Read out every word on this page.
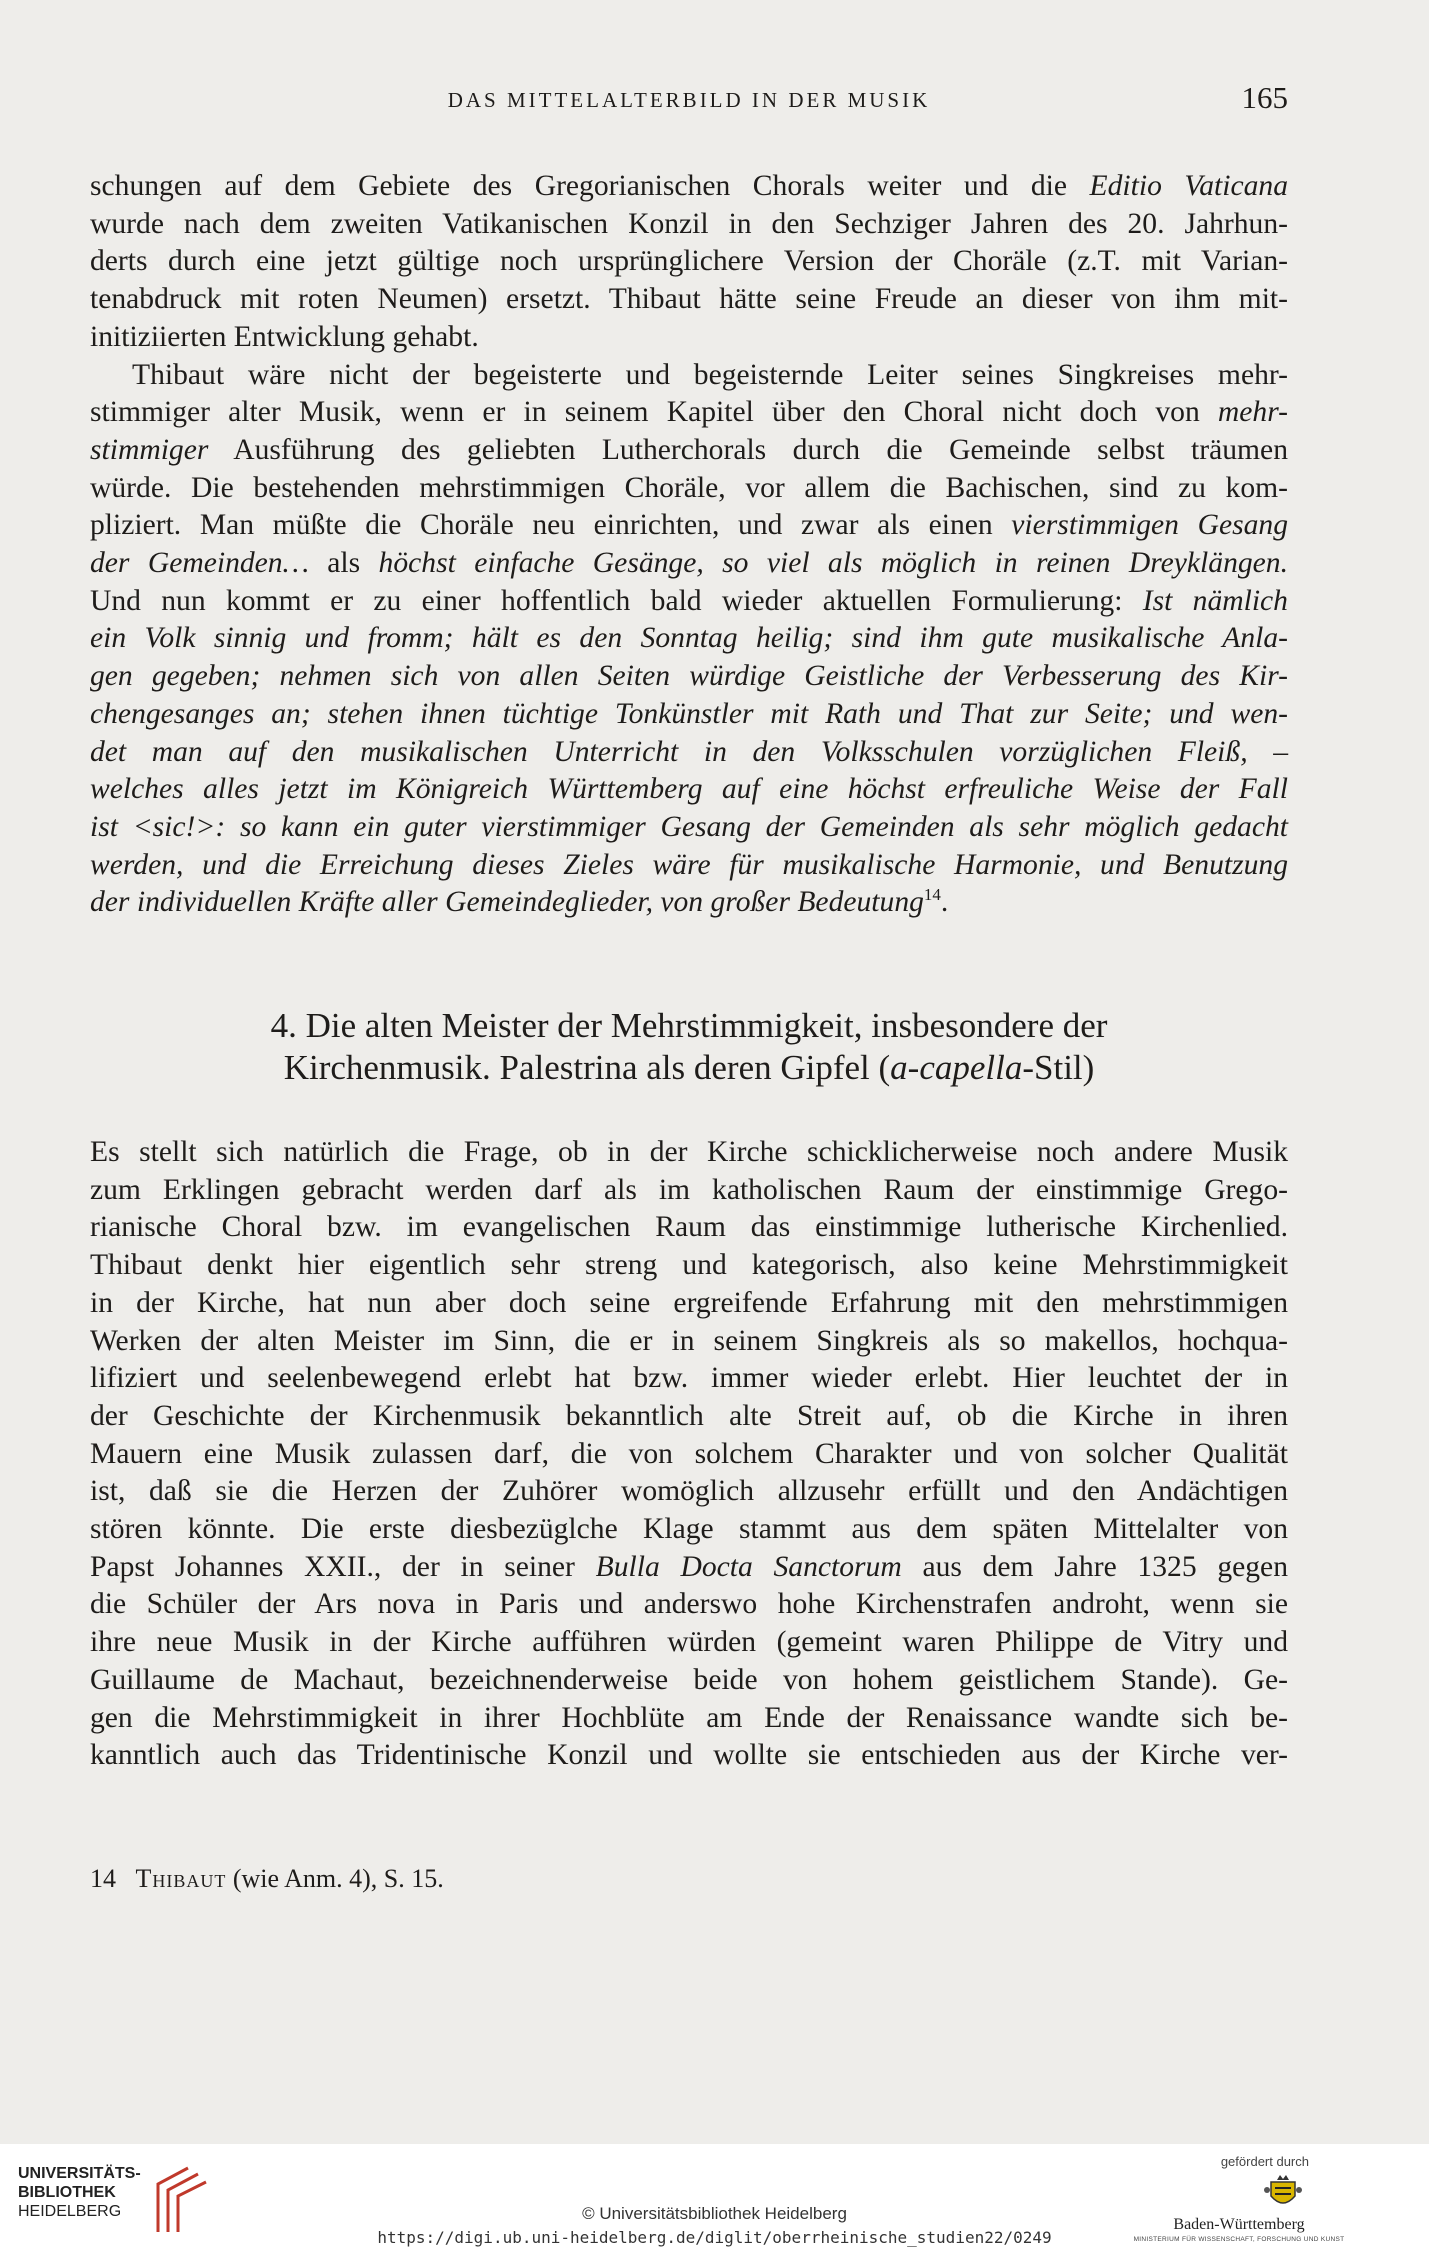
DAS MITTELALTERBILD IN DER MUSIK	165
schungen auf dem Gebiete des Gregorianischen Chorals weiter und die Editio Vaticana
wurde nach dem zweiten Vatikanischen Konzil in den Sechziger Jahren des 20. Jahrhun-
derts durch eine jetzt gültige noch ursprünglichere Version der Choräle (z.T. mit Varian-
tenabdruck mit roten Neumen) ersetzt. Thibaut hätte seine Freude an dieser von ihm mit-
initiziierten Entwicklung gehabt.
Thibaut wäre nicht der begeisterte und begeisternde Leiter seines Singkreises mehr-
stimmiger alter Musik, wenn er in seinem Kapitel über den Choral nicht doch von mehr-
stimmiger Ausführung des geliebten Lutherchorals durch die Gemeinde selbst träumen
würde. Die bestehenden mehrstimmigen Choräle, vor allem die Bachischen, sind zu kom-
pliziert. Man müßte die Choräle neu einrichten, und zwar als einen vierstimmigen Gesang
der Gemeinden… als höchst einfache Gesänge, so viel als möglich in reinen Dreyklängen.
Und nun kommt er zu einer hoffentlich bald wieder aktuellen Formulierung: Ist nämlich
ein Volk sinnig und fromm; hält es den Sonntag heilig; sind ihm gute musikalische Anla-
gen gegeben; nehmen sich von allen Seiten würdige Geistliche der Verbesserung des Kir-
chengesanges an; stehen ihnen tüchtige Tonkünstler mit Rath und That zur Seite; und wen-
det man auf den musikalischen Unterricht in den Volksschulen vorzüglichen Fleiß, –
welches alles jetzt im Königreich Württemberg auf eine höchst erfreuliche Weise der Fall
ist <sic!>: so kann ein guter vierstimmiger Gesang der Gemeinden als sehr möglich gedacht
werden, und die Erreichung dieses Zieles wäre für musikalische Harmonie, und Benutzung
der individuellen Kräfte aller Gemeindeglieder, von großer Bedeutung$^{14}$.
4. Die alten Meister der Mehrstimmigkeit, insbesondere der
Kirchenmusik. Palestrina als deren Gipfel (a-capella-Stil)
Es stellt sich natürlich die Frage, ob in der Kirche schicklicherweise noch andere Musik
zum Erklingen gebracht werden darf als im katholischen Raum der einstimmige Grego-
rianische Choral bzw. im evangelischen Raum das einstimmige lutherische Kirchenlied.
Thibaut denkt hier eigentlich sehr streng und kategorisch, also keine Mehrstimmigkeit
in der Kirche, hat nun aber doch seine ergreifende Erfahrung mit den mehrstimmigen
Werken der alten Meister im Sinn, die er in seinem Singkreis als so makellos, hochqua-
lifiziert und seelenbewegend erlebt hat bzw. immer wieder erlebt. Hier leuchtet der in
der Geschichte der Kirchenmusik bekanntlich alte Streit auf, ob die Kirche in ihren
Mauern eine Musik zulassen darf, die von solchem Charakter und von solcher Qualität
ist, daß sie die Herzen der Zuhörer womöglich allzusehr erfüllt und den Andächtigen
stören könnte. Die erste diesbezüglche Klage stammt aus dem späten Mittelalter von
Papst Johannes XXII., der in seiner Bulla Docta Sanctorum aus dem Jahre 1325 gegen
die Schüler der Ars nova in Paris und anderswo hohe Kirchenstrafen androht, wenn sie
ihre neue Musik in der Kirche aufführen würden (gemeint waren Philippe de Vitry und
Guillaume de Machaut, bezeichnenderweise beide von hohem geistlichem Stande). Ge-
gen die Mehrstimmigkeit in ihrer Hochblüte am Ende der Renaissance wandte sich be-
kanntlich auch das Tridentinische Konzil und wollte sie entschieden aus der Kirche ver-
14 Thibaut (wie Anm. 4), S. 15.
UNIVERSITÄTS-
BIBLIOTHEK
HEIDELBERG	© Universitätsbibliothek Heidelberg
https://digi.ub.uni-heidelberg.de/diglit/oberrheinische_studien22/0249
gefördert durch
Baden-Württemberg
MINISTERIUM FÜR WISSENSCHAFT, FORSCHUNG UND KUNST
